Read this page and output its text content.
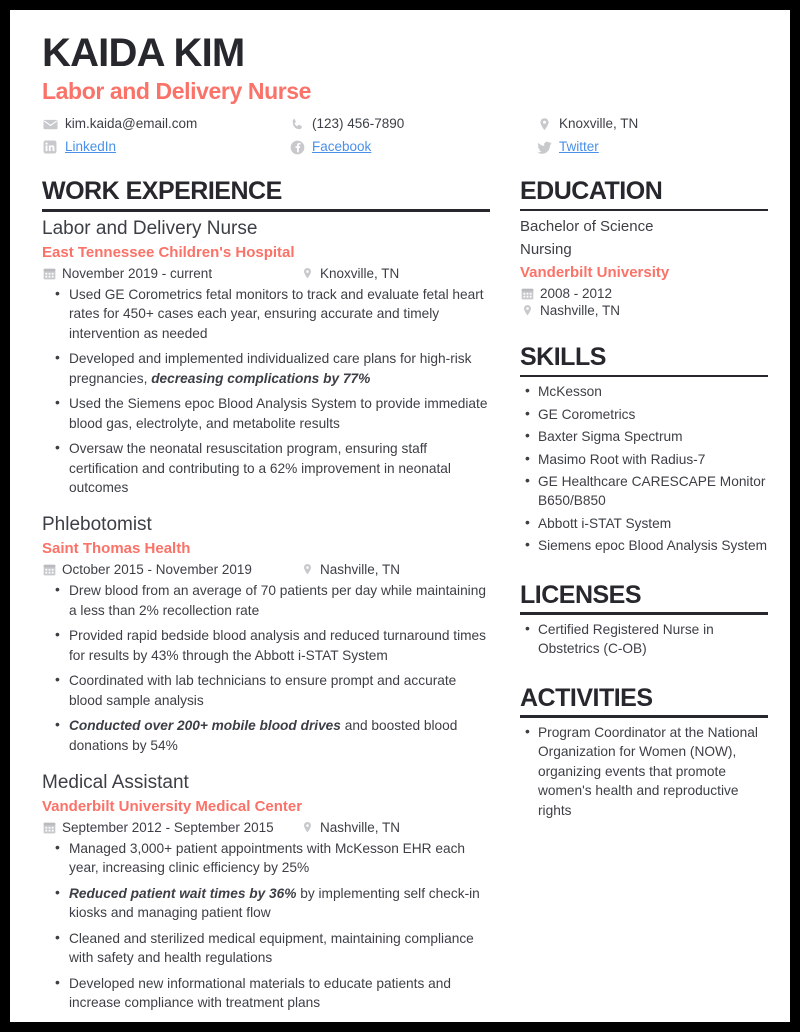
KAIDA KIM
Labor and Delivery Nurse
kim.kaida@email.com	(123) 456-7890	Knoxville, TN
LinkedIn	Facebook	Twitter
WORK EXPERIENCE
Labor and Delivery Nurse
East Tennessee Children's Hospital
November 2019 - current	Knoxville, TN
• Used GE Corometrics fetal monitors to track and evaluate fetal heart rates for 450+ cases each year, ensuring accurate and timely intervention as needed
• Developed and implemented individualized care plans for high-risk pregnancies, decreasing complications by 77%
• Used the Siemens epoc Blood Analysis System to provide immediate blood gas, electrolyte, and metabolite results
• Oversaw the neonatal resuscitation program, ensuring staff certification and contributing to a 62% improvement in neonatal outcomes
Phlebotomist
Saint Thomas Health
October 2015 - November 2019	Nashville, TN
• Drew blood from an average of 70 patients per day while maintaining a less than 2% recollection rate
• Provided rapid bedside blood analysis and reduced turnaround times for results by 43% through the Abbott i-STAT System
• Coordinated with lab technicians to ensure prompt and accurate blood sample analysis
• Conducted over 200+ mobile blood drives and boosted blood donations by 54%
Medical Assistant
Vanderbilt University Medical Center
September 2012 - September 2015	Nashville, TN
• Managed 3,000+ patient appointments with McKesson EHR each year, increasing clinic efficiency by 25%
• Reduced patient wait times by 36% by implementing self check-in kiosks and managing patient flow
• Cleaned and sterilized medical equipment, maintaining compliance with safety and health regulations
• Developed new informational materials to educate patients and increase compliance with treatment plans
EDUCATION
Bachelor of Science
Nursing
Vanderbilt University
2008 - 2012
Nashville, TN
SKILLS
• McKesson
• GE Corometrics
• Baxter Sigma Spectrum
• Masimo Root with Radius-7
• GE Healthcare CARESCAPE Monitor B650/B850
• Abbott i-STAT System
• Siemens epoc Blood Analysis System
LICENSES
• Certified Registered Nurse in Obstetrics (C-OB)
ACTIVITIES
• Program Coordinator at the National Organization for Women (NOW), organizing events that promote women's health and reproductive rights
